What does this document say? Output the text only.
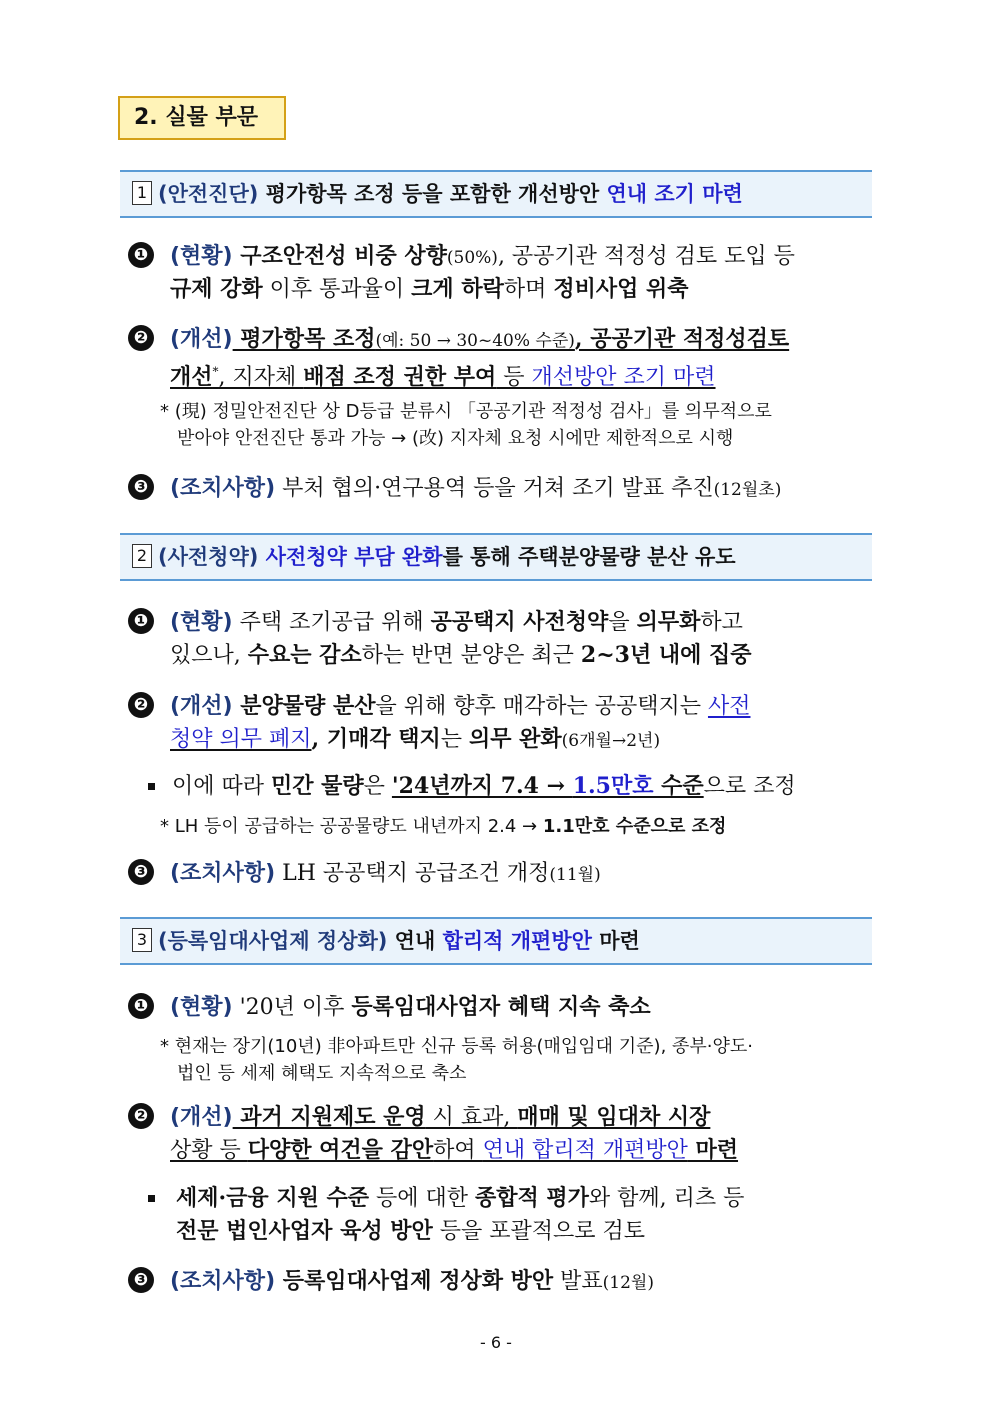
2. 실물 부문
1 (안전진단) 평가항목 조정 등을 포함한 개선방안 연내 조기 마련
❶ (현황) 구조안전성 비중 상향(50%), 공공기관 적정성 검토 도입 등
규제 강화 이후 통과율이 크게 하락하며 정비사업 위축
❷ (개선) 평가항목 조정(예: 50 → 30~40% 수준), 공공기관 적정성검토
개선*, 지자체 배점 조정 권한 부여 등 개선방안 조기 마련
* (現) 정밀안전진단 상 D등급 분류시 「공공기관 적정성 검사」를 의무적으로
받아야 안전진단 통과 가능 → (改) 지자체 요청 시에만 제한적으로 시행
❸ (조치사항) 부처 협의·연구용역 등을 거쳐 조기 발표 추진(12월초)
2 (사전청약) 사전청약 부담 완화를 통해 주택분양물량 분산 유도
❶ (현황) 주택 조기공급 위해 공공택지 사전청약을 의무화하고
있으나, 수요는 감소하는 반면 분양은 최근 2~3년 내에 집중
❷ (개선) 분양물량 분산을 위해 향후 매각하는 공공택지는 사전
청약 의무 폐지, 기매각 택지는 의무 완화(6개월→2년)
이에 따라 민간 물량은 '24년까지 7.4 → 1.5만호 수준으로 조정
* LH 등이 공급하는 공공물량도 내년까지 2.4 → 1.1만호 수준으로 조정
❸ (조치사항) LH 공공택지 공급조건 개정(11월)
3 (등록임대사업제 정상화) 연내 합리적 개편방안 마련
❶ (현황) '20년 이후 등록임대사업자 혜택 지속 축소
* 현재는 장기(10년) 非아파트만 신규 등록 허용(매입임대 기준), 종부·양도·
법인 등 세제 혜택도 지속적으로 축소
❷ (개선) 과거 지원제도 운영 시 효과, 매매 및 임대차 시장
상황 등 다양한 여건을 감안하여 연내 합리적 개편방안 마련
세제·금융 지원 수준 등에 대한 종합적 평가와 함께, 리츠 등
전문 법인사업자 육성 방안 등을 포괄적으로 검토
❸ (조치사항) 등록임대사업제 정상화 방안 발표(12월)
- 6 -
